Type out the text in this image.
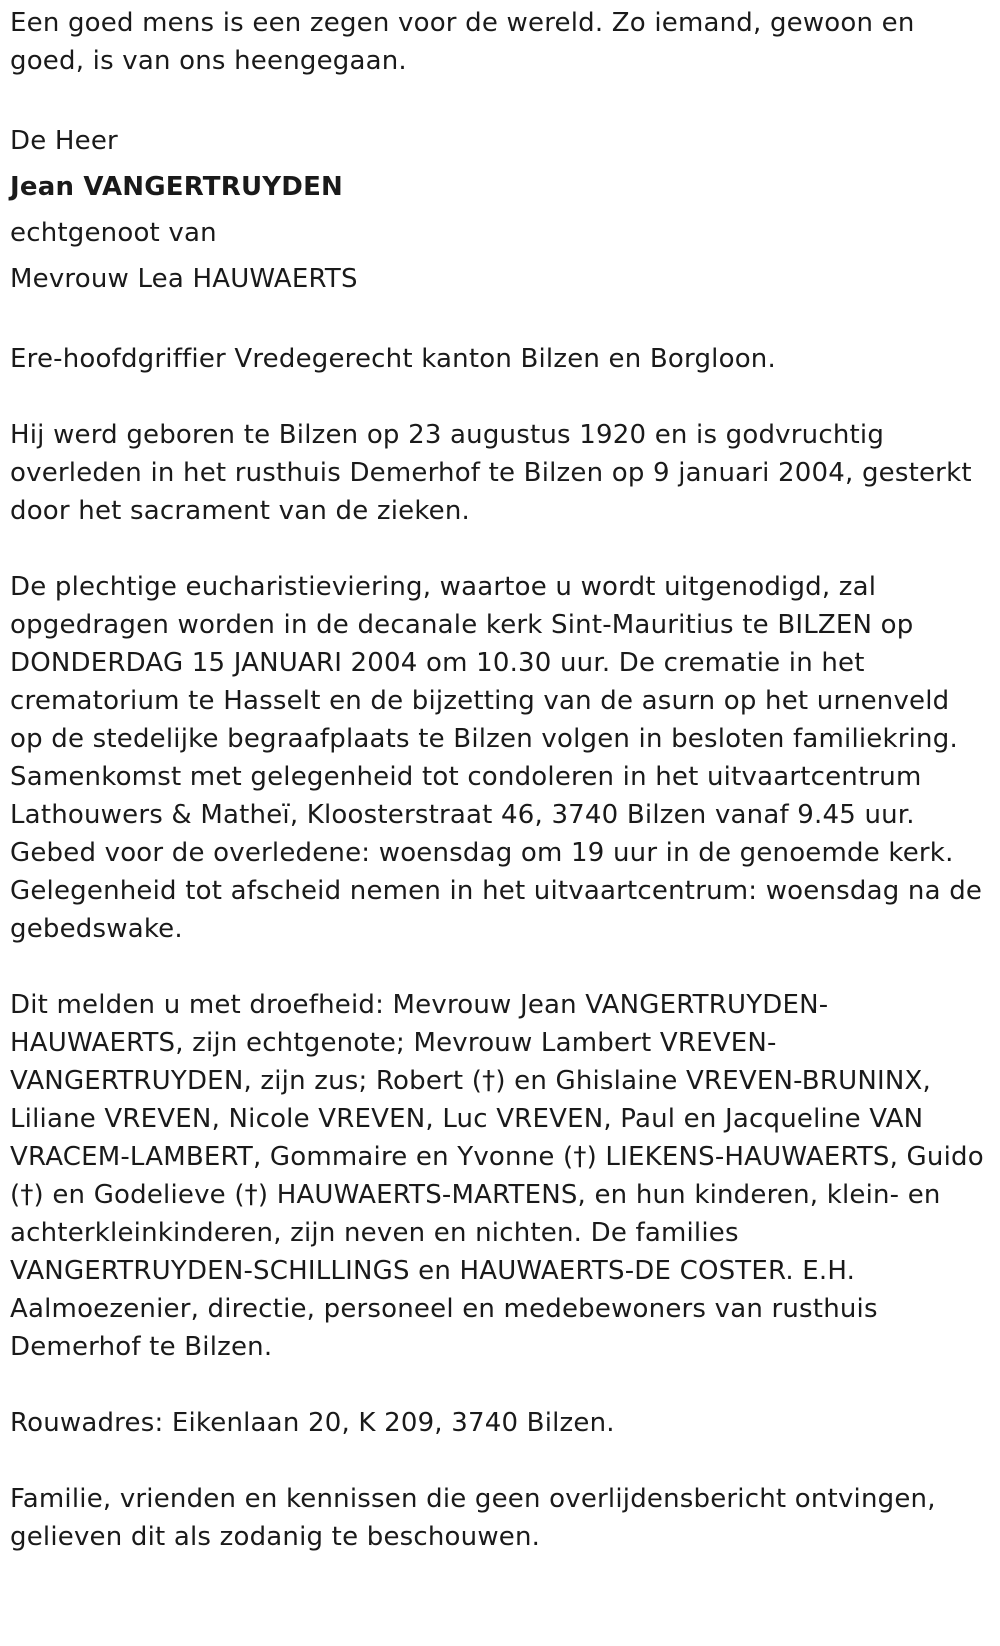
Een goed mens is een zegen voor de wereld. Zo iemand, gewoon en goed, is van ons heengegaan.

De Heer
Jean VANGERTRUYDEN
echtgenoot van
Mevrouw Lea HAUWAERTS

Ere-hoofdgriffier Vredegerecht kanton Bilzen en Borgloon.

Hij werd geboren te Bilzen op 23 augustus 1920 en is godvruchtig overleden in het rusthuis Demerhof te Bilzen op 9 januari 2004, gesterkt door het sacrament van de zieken.

De plechtige eucharistieviering, waartoe u wordt uitgenodigd, zal opgedragen worden in de decanale kerk Sint-Mauritius te BILZEN op DONDERDAG 15 JANUARI 2004 om 10.30 uur. De crematie in het crematorium te Hasselt en de bijzetting van de asurn op het urnenveld op de stedelijke begraafplaats te Bilzen volgen in besloten familiekring. Samenkomst met gelegenheid tot condoleren in het uitvaartcentrum Lathouwers & Matheï, Kloosterstraat 46, 3740 Bilzen vanaf 9.45 uur. Gebed voor de overledene: woensdag om 19 uur in de genoemde kerk. Gelegenheid tot afscheid nemen in het uitvaartcentrum: woensdag na de gebedswake.

Dit melden u met droefheid: Mevrouw Jean VANGERTRUYDEN-HAUWAERTS, zijn echtgenote; Mevrouw Lambert VREVEN-VANGERTRUYDEN, zijn zus; Robert (†) en Ghislaine VREVEN-BRUNINX, Liliane VREVEN, Nicole VREVEN, Luc VREVEN, Paul en Jacqueline VAN VRACEM-LAMBERT, Gommaire en Yvonne (†) LIEKENS-HAUWAERTS, Guido (†) en Godelieve (†) HAUWAERTS-MARTENS, en hun kinderen, klein- en achterkleinkinderen, zijn neven en nichten. De families VANGERTRUYDEN-SCHILLINGS en HAUWAERTS-DE COSTER. E.H. Aalmoezenier, directie, personeel en medebewoners van rusthuis Demerhof te Bilzen.

Rouwadres: Eikenlaan 20, K 209, 3740 Bilzen.

Familie, vrienden en kennissen die geen overlijdensbericht ontvingen, gelieven dit als zodanig te beschouwen.
